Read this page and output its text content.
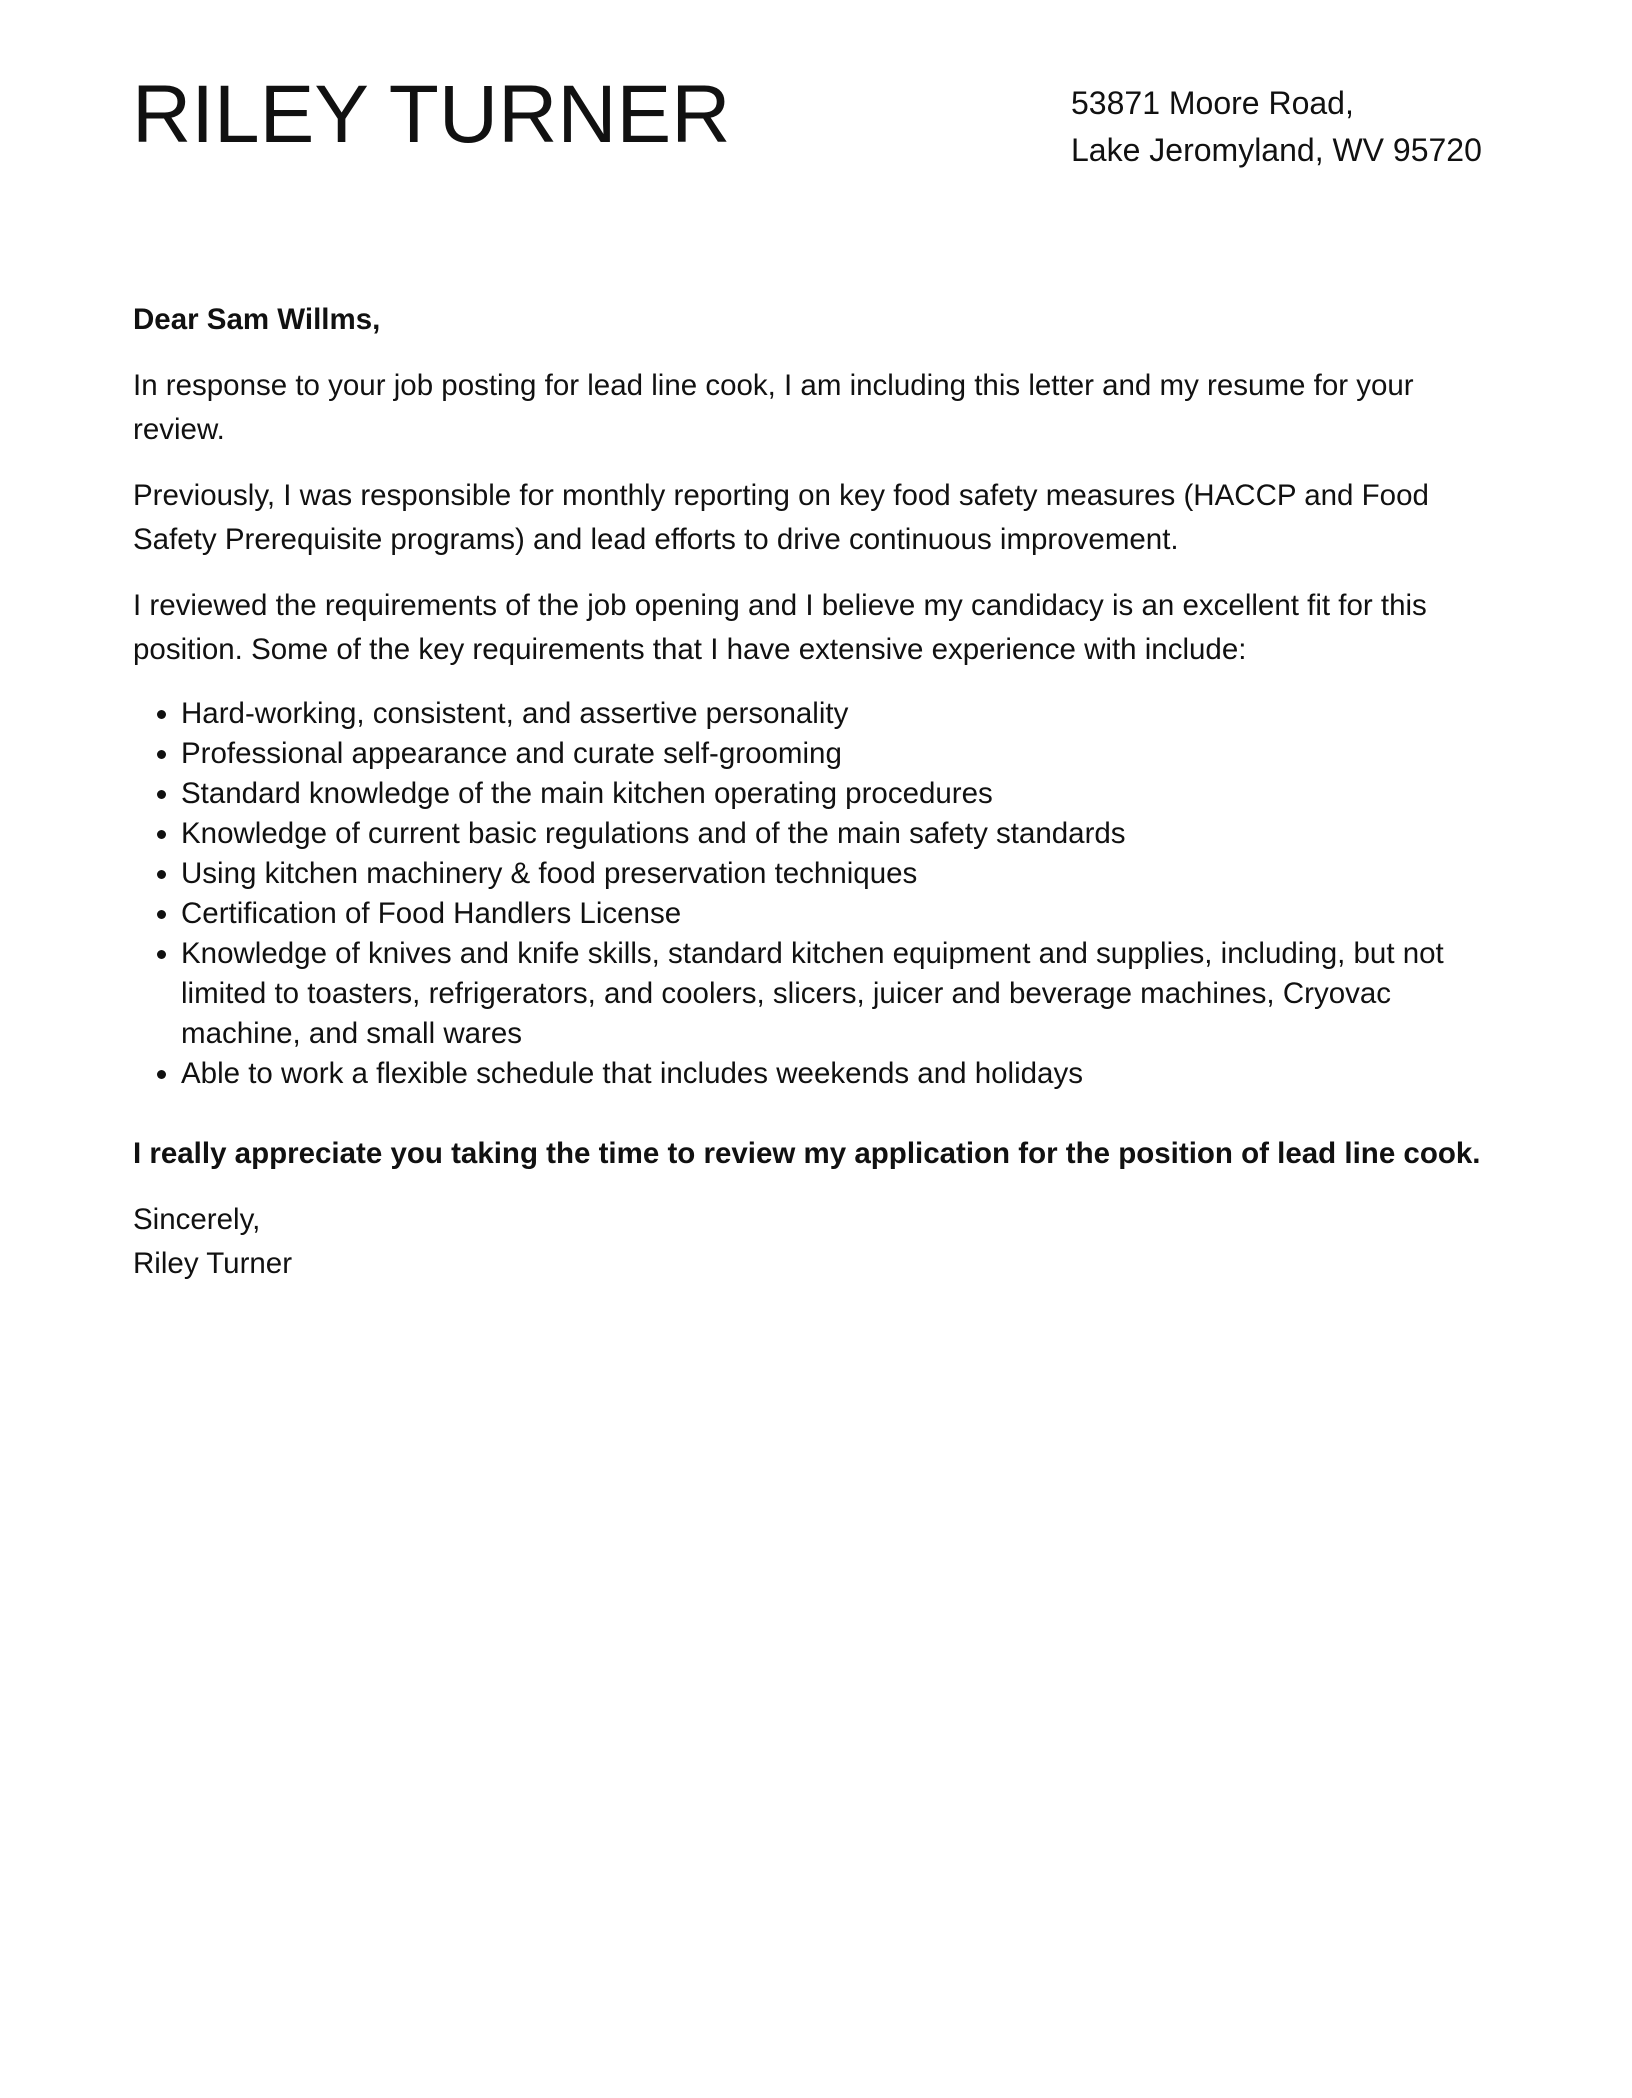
RILEY TURNER	53871 Moore Road,
Lake Jeromyland, WV 95720

Dear Sam Willms,

In response to your job posting for lead line cook, I am including this letter and my resume for your review.

Previously, I was responsible for monthly reporting on key food safety measures (HACCP and Food Safety Prerequisite programs) and lead efforts to drive continuous improvement.

I reviewed the requirements of the job opening and I believe my candidacy is an excellent fit for this position. Some of the key requirements that I have extensive experience with include:

Hard-working, consistent, and assertive personality
Professional appearance and curate self-grooming
Standard knowledge of the main kitchen operating procedures
Knowledge of current basic regulations and of the main safety standards
Using kitchen machinery & food preservation techniques
Certification of Food Handlers License
Knowledge of knives and knife skills, standard kitchen equipment and supplies, including, but not limited to toasters, refrigerators, and coolers, slicers, juicer and beverage machines, Cryovac machine, and small wares
Able to work a flexible schedule that includes weekends and holidays

I really appreciate you taking the time to review my application for the position of lead line cook.

Sincerely,

Riley Turner
